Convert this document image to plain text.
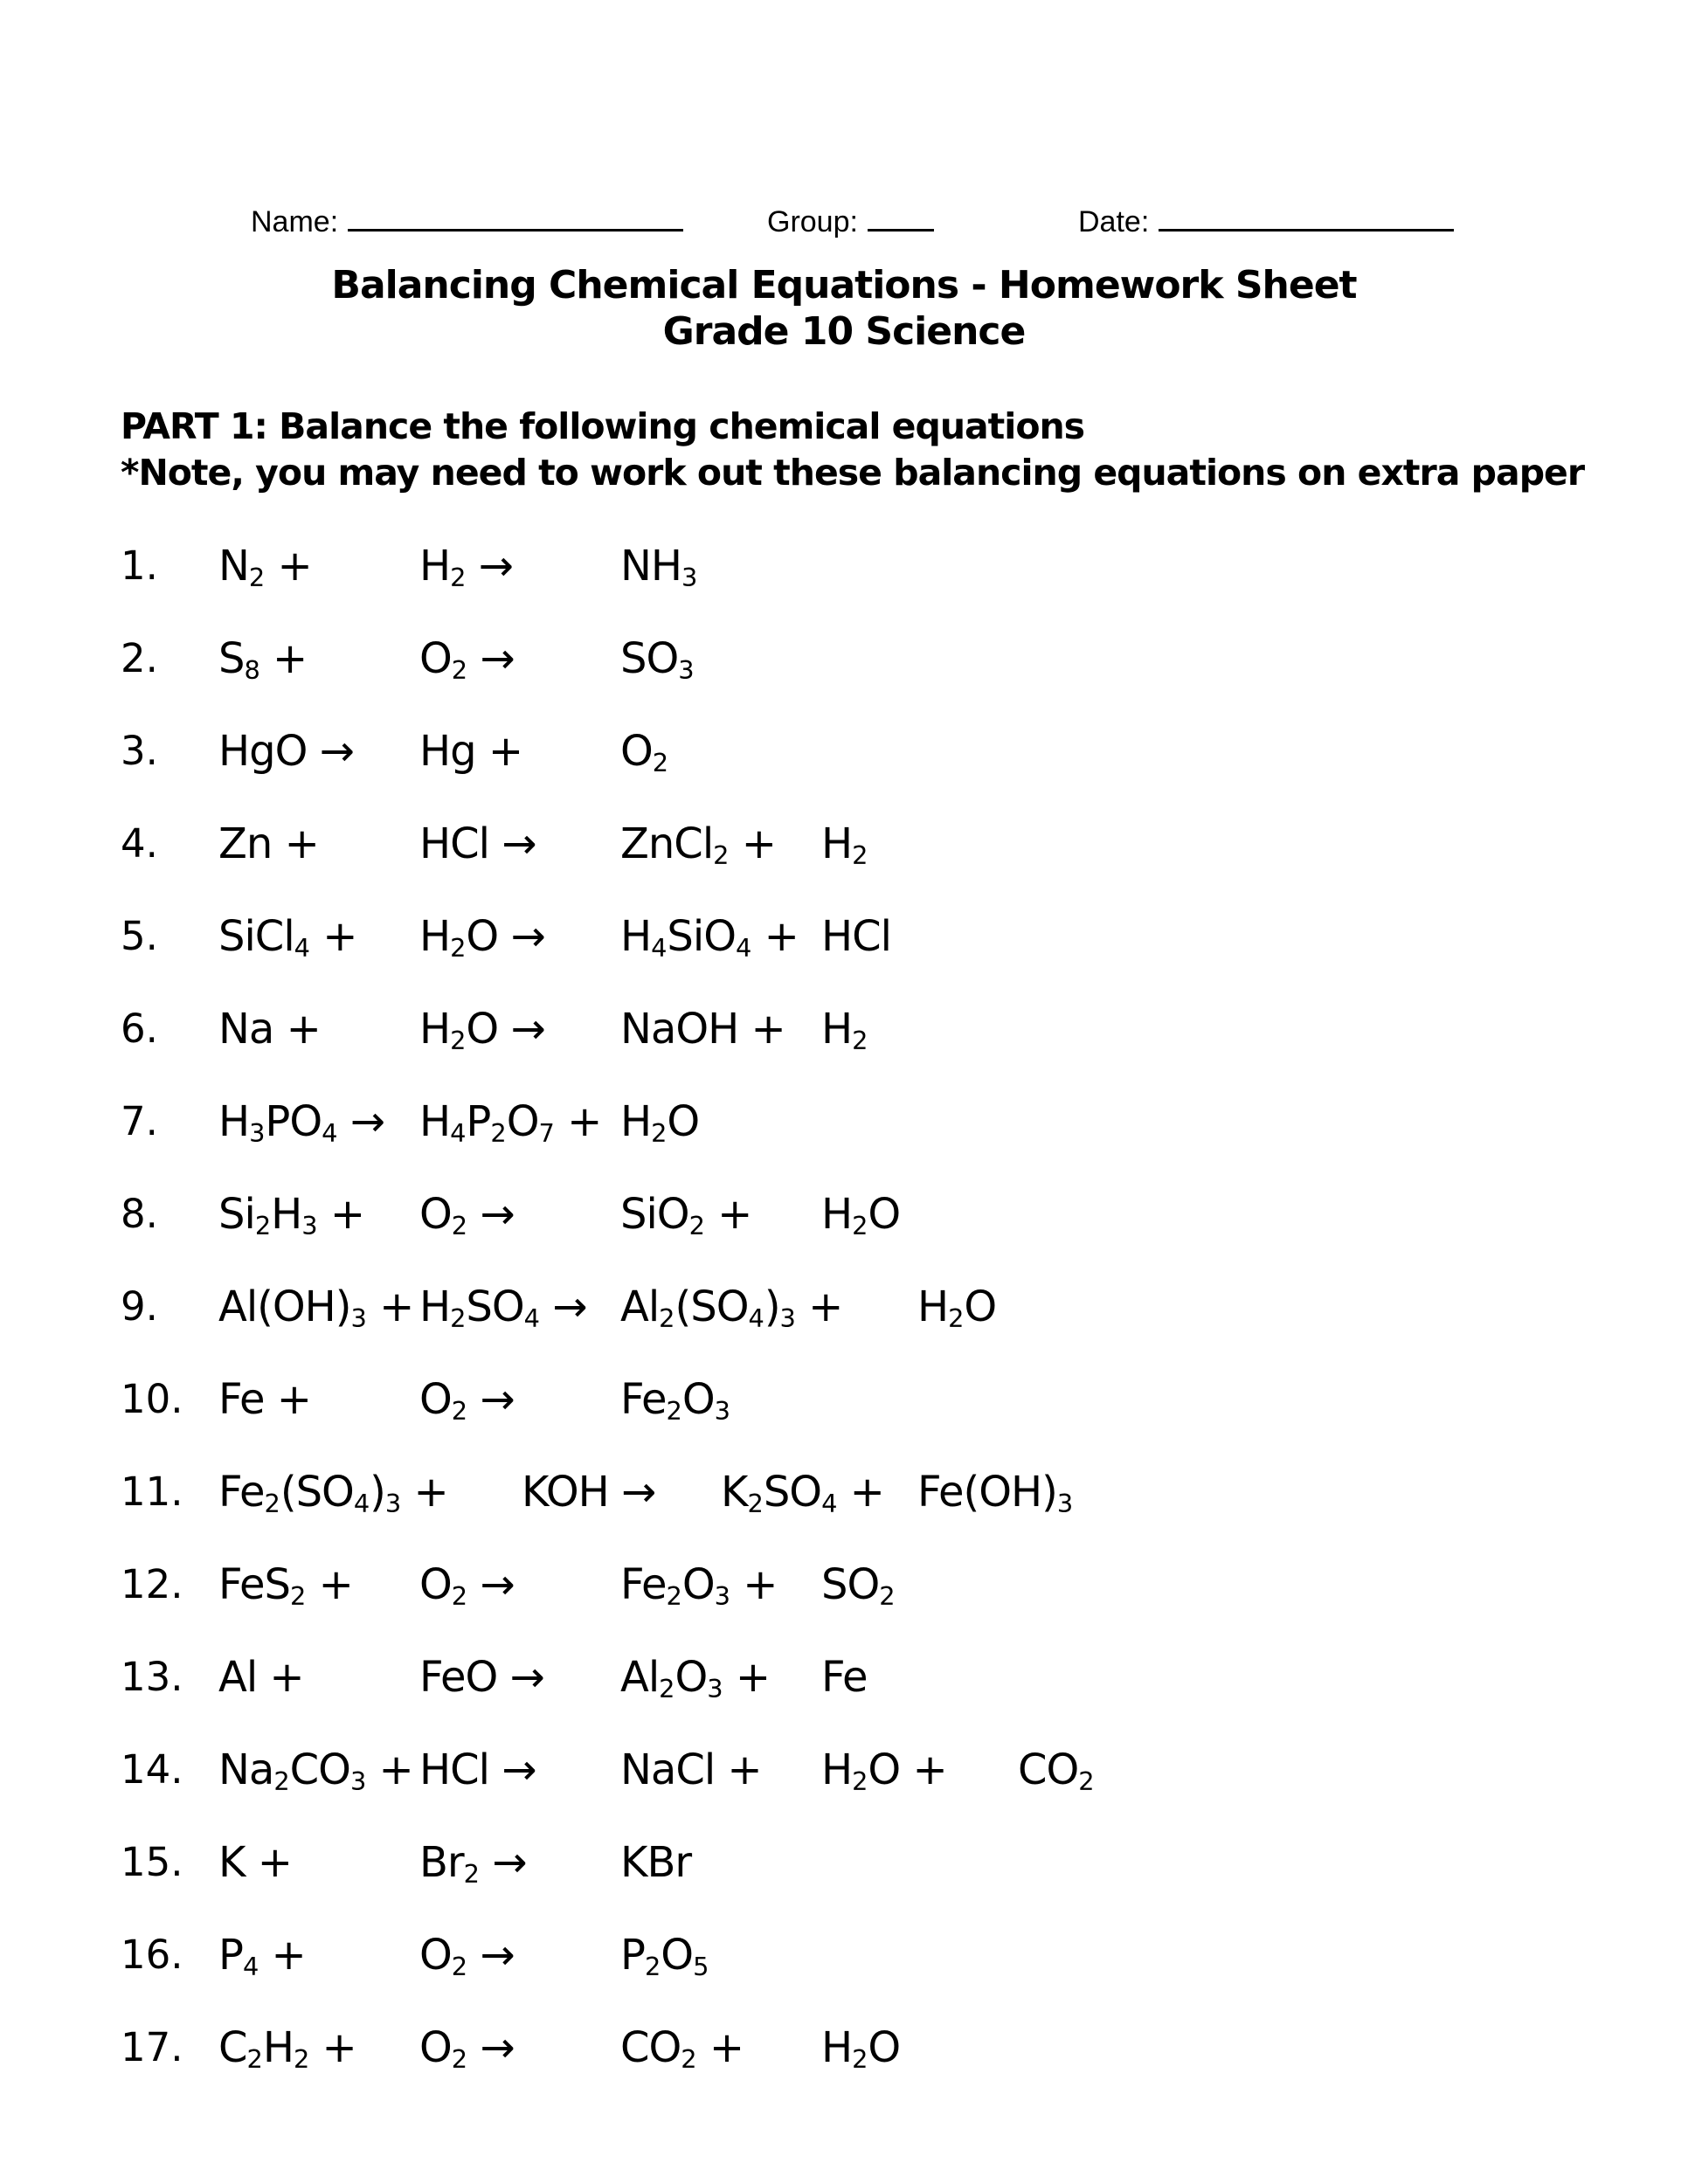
Name:	Group:	Date:
Balancing Chemical Equations - Homework Sheet
Grade 10 Science
PART 1: Balance the following chemical equations
*Note, you may need to work out these balancing equations on extra paper
1. $N_2$ +	$H_2$ →	$NH_3$
2. $S_8$ +	$O_2$ →	$SO_3$
3. HgO → $Hg + O_2$
4. Zn + HCl → ZnCl$_2$ + $H_2$
5. SiCl$_4$ + $H_2O \to H_4SiO_4$ + HCl
6. $Na + H_2O$ → NaOH + $H_2$
7. $H_3PO_4 \to H_4P_2O_7 + H_2O$
8. $Si_2H_3 + O_2$ →	$SiO_2 + H_2O$
9. $Al(OH)_3 + H_2SO_4 \to Al_2(SO_4)_3 + H_2O$
10. Fe +	$O_2$ →	$Fe_2O_3$
11. $Fe_2(SO_4)_3$ + KOH → $K_2SO_4 + Fe(OH)_3$
12. $FeS_2 + O_2$ →	$Fe_2O_3 + SO_2$
13. Al +	FeO → $Al_2O_3 + Fe$
14. $Na_2CO_3$ + HCl → NaCl + $H_2O + CO_2$
15. K +	$Br_2$ → KBr
16. $P_4$ +	$O_2$ →	$P_2O_5$
17. $C_2H_2 + O_2$ →	$CO_2 + H_2O$
